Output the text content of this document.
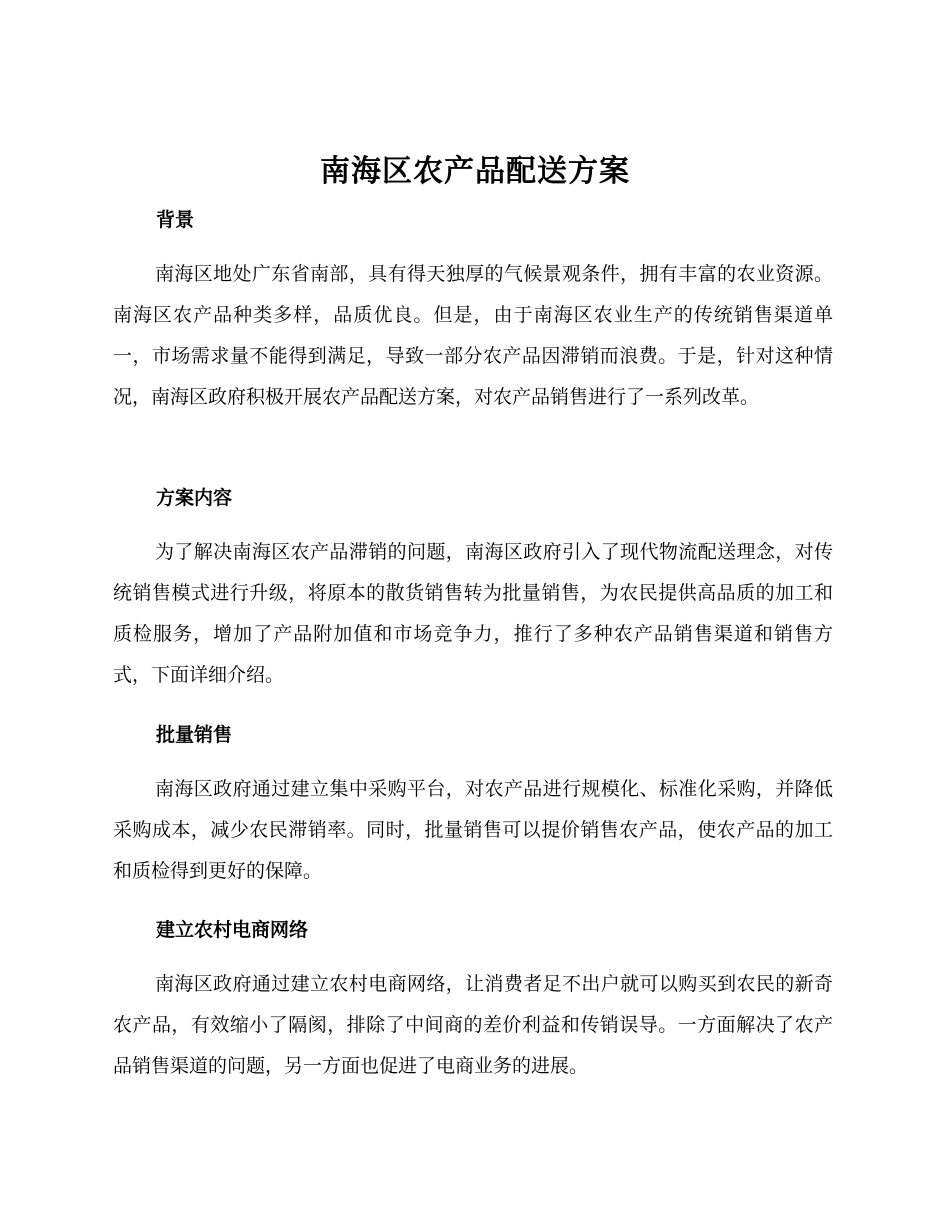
南海区农产品配送方案
背景

南海区地处广东省南部，具有得天独厚的气候景观条件，拥有丰富的农业资源。南海区农产品种类多样，品质优良。但是，由于南海区农业生产的传统销售渠道单一，市场需求量不能得到满足，导致一部分农产品因滞销而浪费。于是，针对这种情况，南海区政府积极开展农产品配送方案，对农产品销售进行了一系列改革。

方案内容

为了解决南海区农产品滞销的问题，南海区政府引入了现代物流配送理念，对传统销售模式进行升级，将原本的散货销售转为批量销售，为农民提供高品质的加工和质检服务，增加了产品附加值和市场竞争力，推行了多种农产品销售渠道和销售方式，下面详细介绍。

批量销售

南海区政府通过建立集中采购平台，对农产品进行规模化、标准化采购，并降低采购成本，减少农民滞销率。同时，批量销售可以提价销售农产品，使农产品的加工和质检得到更好的保障。

建立农村电商网络

南海区政府通过建立农村电商网络，让消费者足不出户就可以购买到农民的新奇农产品，有效缩小了隔阂，排除了中间商的差价利益和传销误导。一方面解决了农产品销售渠道的问题，另一方面也促进了电商业务的进展。
